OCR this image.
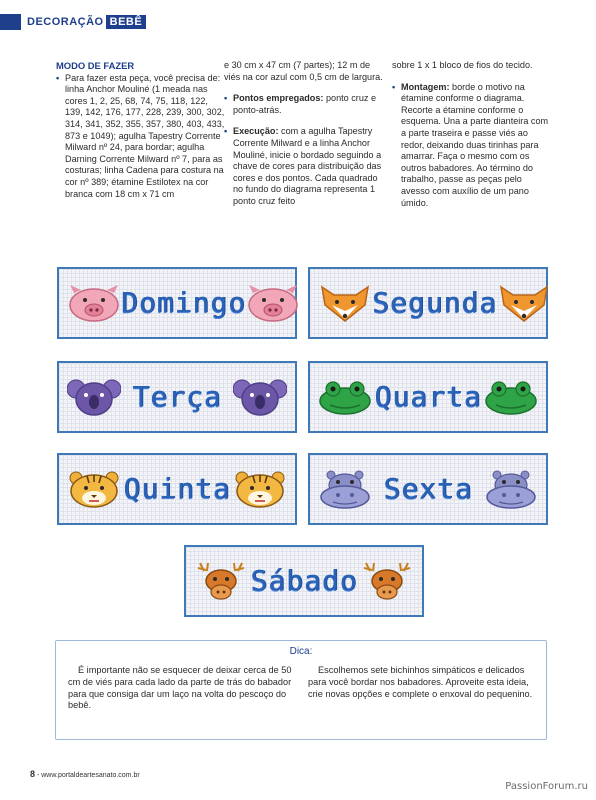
DECORAÇÃO BEBÊ
MODO DE FAZER
• Para fazer esta peça, você precisa de: linha Anchor Mouliné (1 meada nas cores 1, 2, 25, 68, 74, 75, 118, 122, 139, 142, 176, 177, 228, 239, 300, 302, 314, 341, 352, 355, 357, 380, 403, 433, 873 e 1049); agulha Tapestry Corrente Milward nº 24, para bordar; agulha Darning Corrente Milward nº 7, para as costuras; linha Cadena para costura na cor nº 389; étamine Estilotex na cor branca com 18 cm x 71 cm
e 30 cm x 47 cm (7 partes); 12 m de viés na cor azul com 0,5 cm de largura.
• Pontos empregados: ponto cruz e ponto-atrás.
• Execução: com a agulha Tapestry Corrente Milward e a linha Anchor Mouliné, inicie o bordado seguindo a chave de cores para distribuição das cores e dos pontos. Cada quadrado no fundo do diagrama representa 1 ponto cruz feito
sobre 1 x 1 bloco de fios do tecido.
• Montagem: borde o motivo na étamine conforme o diagrama. Recorte a étamine conforme o esquema. Una a parte dianteira com a parte traseira e passe viés ao redor, deixando duas tirinhas para amarrar. Faça o mesmo com os outros babadores. Ao término do trabalho, passe as peças pelo avesso com auxílio de um pano úmido.
Domingo	Segunda
Terça	Quarta
Quinta	Sexta
Sábado
Dica:

É importante não se esquecer de deixar cerca de 50 cm de viés para cada lado da parte de trás do babador para que consiga dar um laço na volta do pescoço do bebê.

Escolhemos sete bichinhos simpáticos e delicados para você bordar nos babadores. Aproveite esta ideia, crie novas opções e complete o enxoval do pequenino.

8 - www.portaldeartesanato.com.br
PassionForum.ru
